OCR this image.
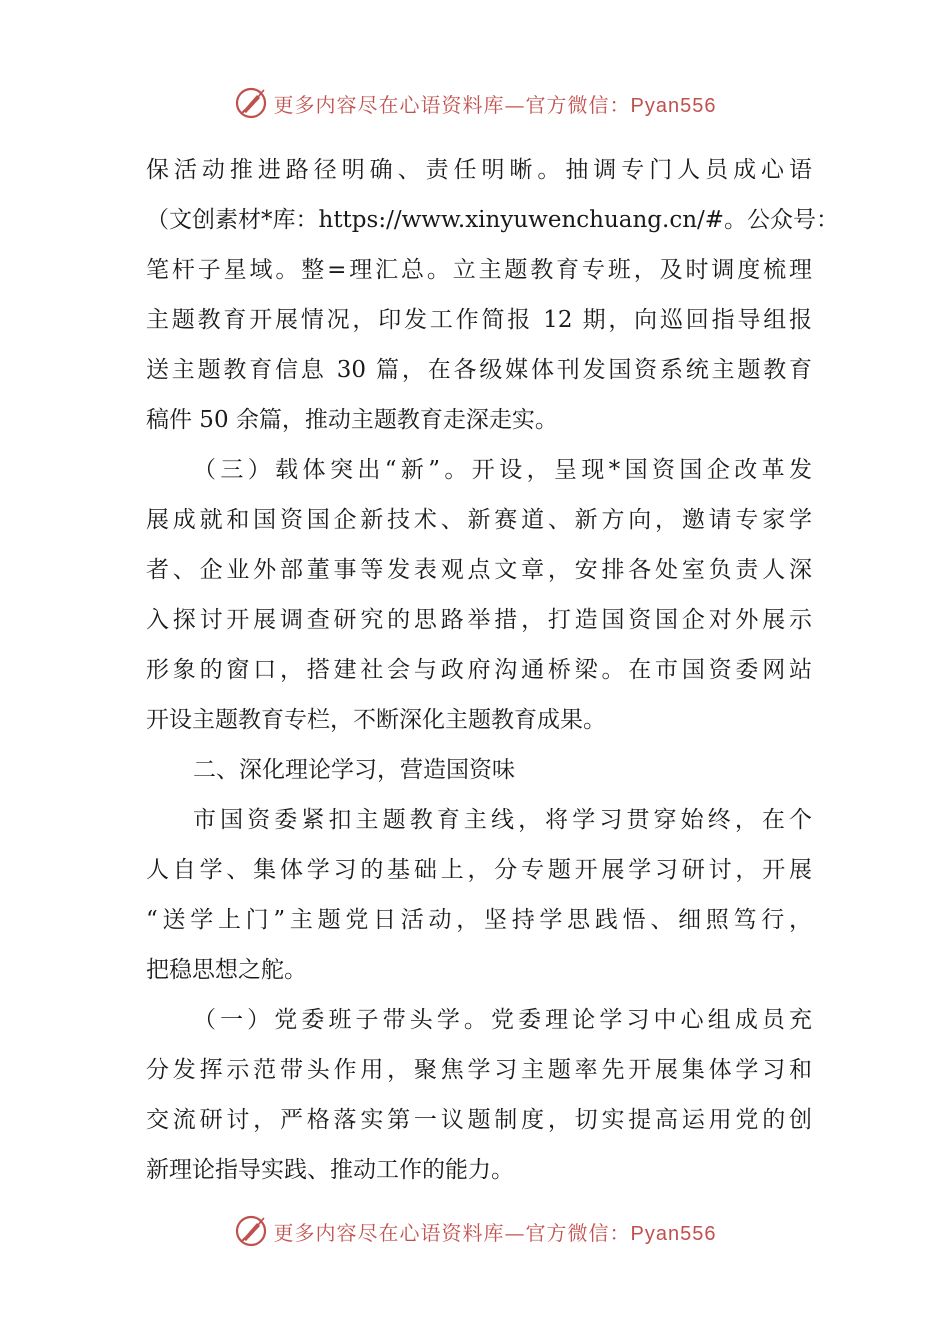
更多内容尽在心语资料库—官方微信：Pyan556
保活动推进路径明确、责任明晰。抽调专门人员成心语
（文创素材*库：https://www.xinyuwenchuang.cn/#。公众号：
笔杆子星域。整=理汇总。立主题教育专班，及时调度梳理
主题教育开展情况，印发工作简报 12 期，向巡回指导组报
送主题教育信息 30 篇，在各级媒体刊发国资系统主题教育
稿件 50 余篇，推动主题教育走深走实。
（三）载体突出“新”。开设，呈现*国资国企改革发
展成就和国资国企新技术、新赛道、新方向，邀请专家学
者、企业外部董事等发表观点文章，安排各处室负责人深
入探讨开展调查研究的思路举措，打造国资国企对外展示
形象的窗口，搭建社会与政府沟通桥梁。在市国资委网站
开设主题教育专栏，不断深化主题教育成果。
二、深化理论学习，营造国资味
市国资委紧扣主题教育主线，将学习贯穿始终，在个
人自学、集体学习的基础上，分专题开展学习研讨，开展
“送学上门”主题党日活动，坚持学思践悟、细照笃行，
把稳思想之舵。
（一）党委班子带头学。党委理论学习中心组成员充
分发挥示范带头作用，聚焦学习主题率先开展集体学习和
交流研讨，严格落实第一议题制度，切实提高运用党的创
新理论指导实践、推动工作的能力。
更多内容尽在心语资料库—官方微信：Pyan556
